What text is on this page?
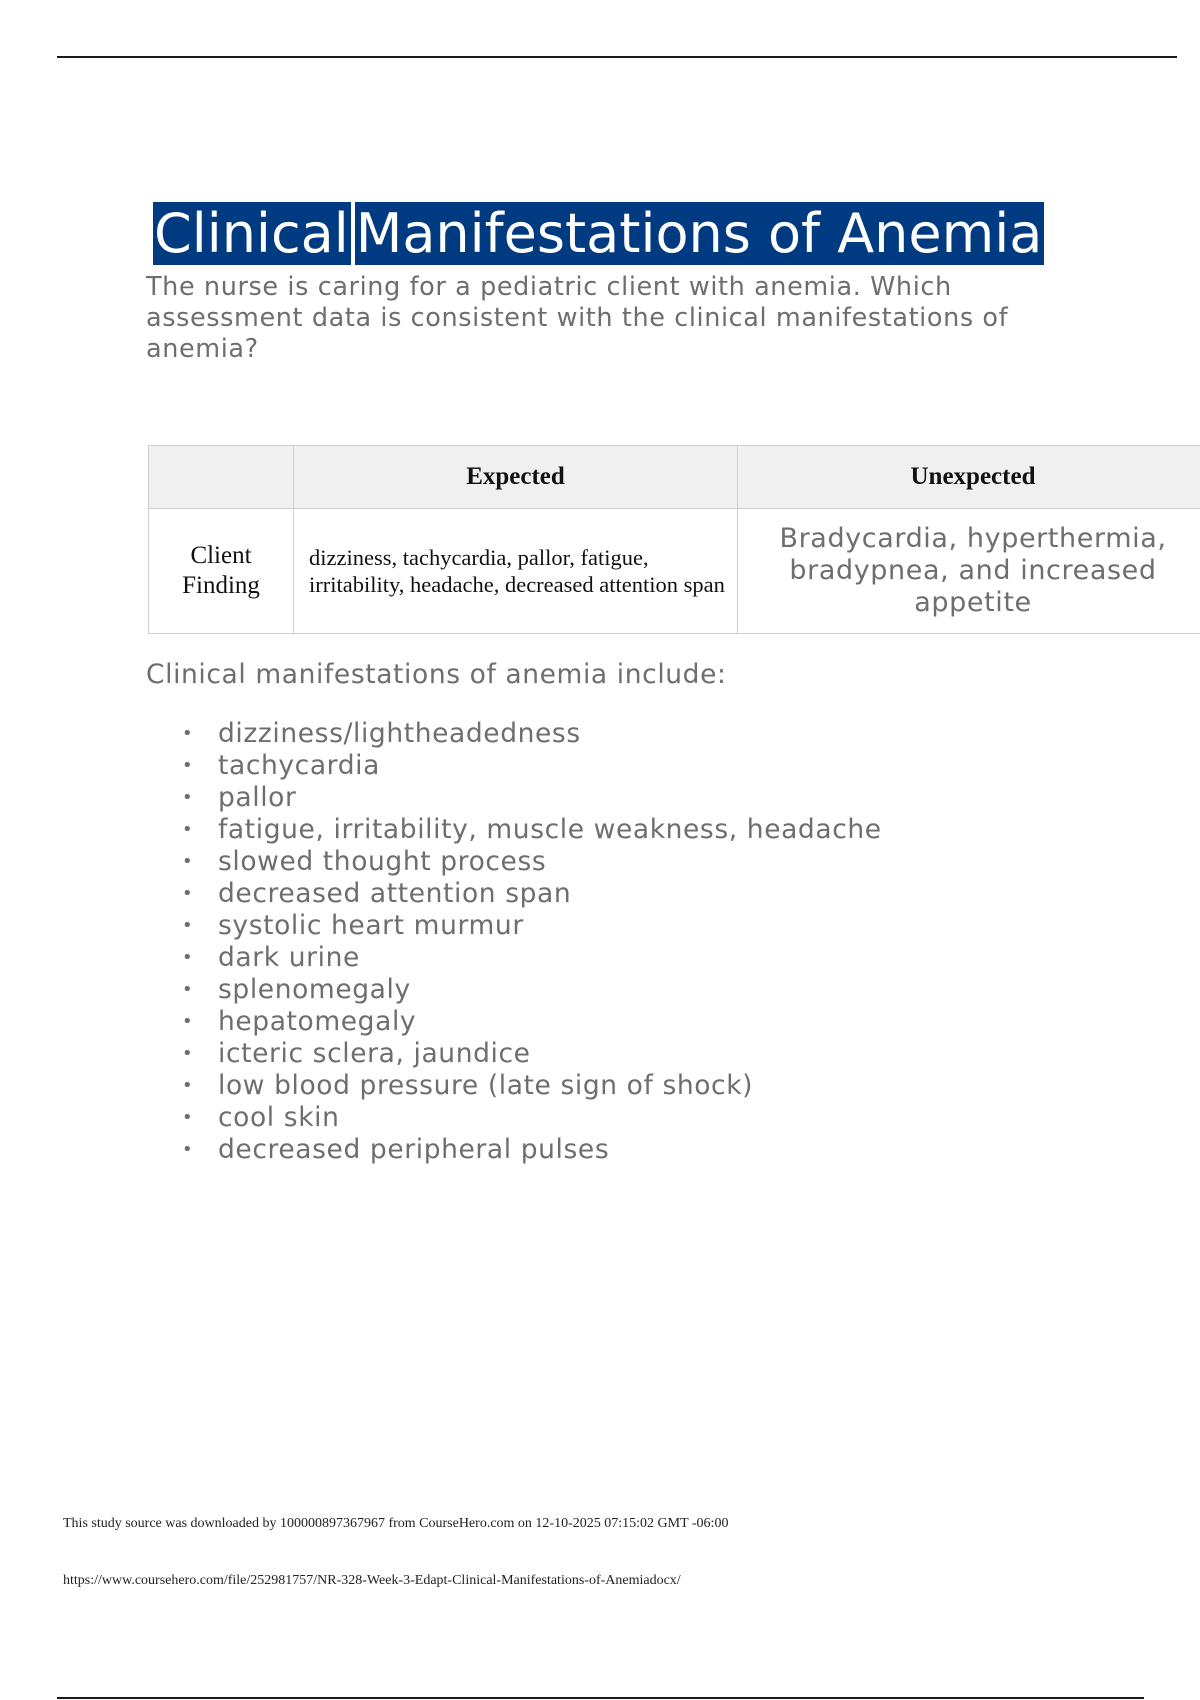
Clinical Manifestations of Anemia
The nurse is caring for a pediatric client with anemia. Which assessment data is consistent with the clinical manifestations of anemia?
	Expected	Unexpected
Client Finding	dizziness, tachycardia, pallor, fatigue, irritability, headache, decreased attention span	Bradycardia, hyperthermia, bradypnea, and increased appetite
Clinical manifestations of anemia include:
• dizziness/lightheadedness
• tachycardia
• pallor
• fatigue, irritability, muscle weakness, headache
• slowed thought process
• decreased attention span
• systolic heart murmur
• dark urine
• splenomegaly
• hepatomegaly
• icteric sclera, jaundice
• low blood pressure (late sign of shock)
• cool skin
• decreased peripheral pulses
This study source was downloaded by 100000897367967 from CourseHero.com on 12-10-2025 07:15:02 GMT -06:00
https://www.coursehero.com/file/252981757/NR-328-Week-3-Edapt-Clinical-Manifestations-of-Anemiadocx/
